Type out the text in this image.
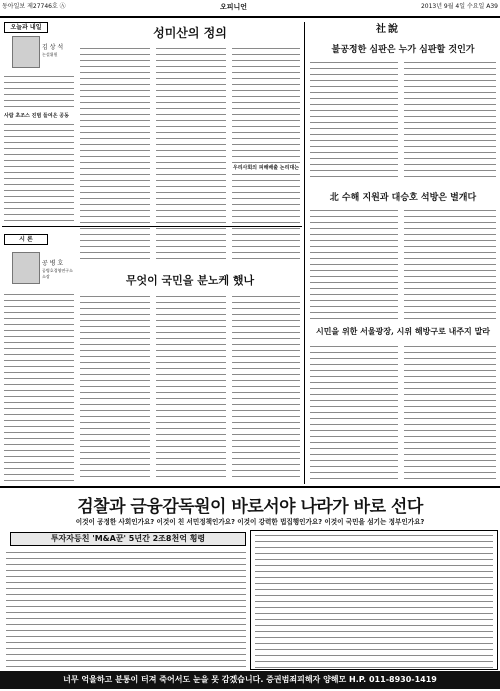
동아일보 제27746호 Ⓐ	오피니언	2013년 9월 4일 수요일 A39
오늘과 내일
김 상 석
논설위원
사람 초조스 진범 들여온 공동
성미산의 정의
우리사회의 피해배출 논리대는
시 론
공 병 호
공병호경영연구소 소장	무엇이 국민을 분노케 했나
社說
불공정한 심판은 누가 심판할 것인가
北 수해 지원과 대승호 석방은 별개다
시민을 위한 서울광장, 시위 해방구로 내주지 말라
검찰과 금융감독원이 바로서야 나라가 바로 선다
이것이 공정한 사회인가요? 이것이 친 서민정책인가요? 이것이 강력한 법집행인가요? 이것이 국민을 섬기는 정부인가요?
투자자등친 'M&A꾼' 5년간 2조8천억 횡령
너무 억울하고 분통이 터져 죽어서도 눈을 못 감겠습니다. 증권범죄피해자 양해모 H.P. 011-8930-1419
